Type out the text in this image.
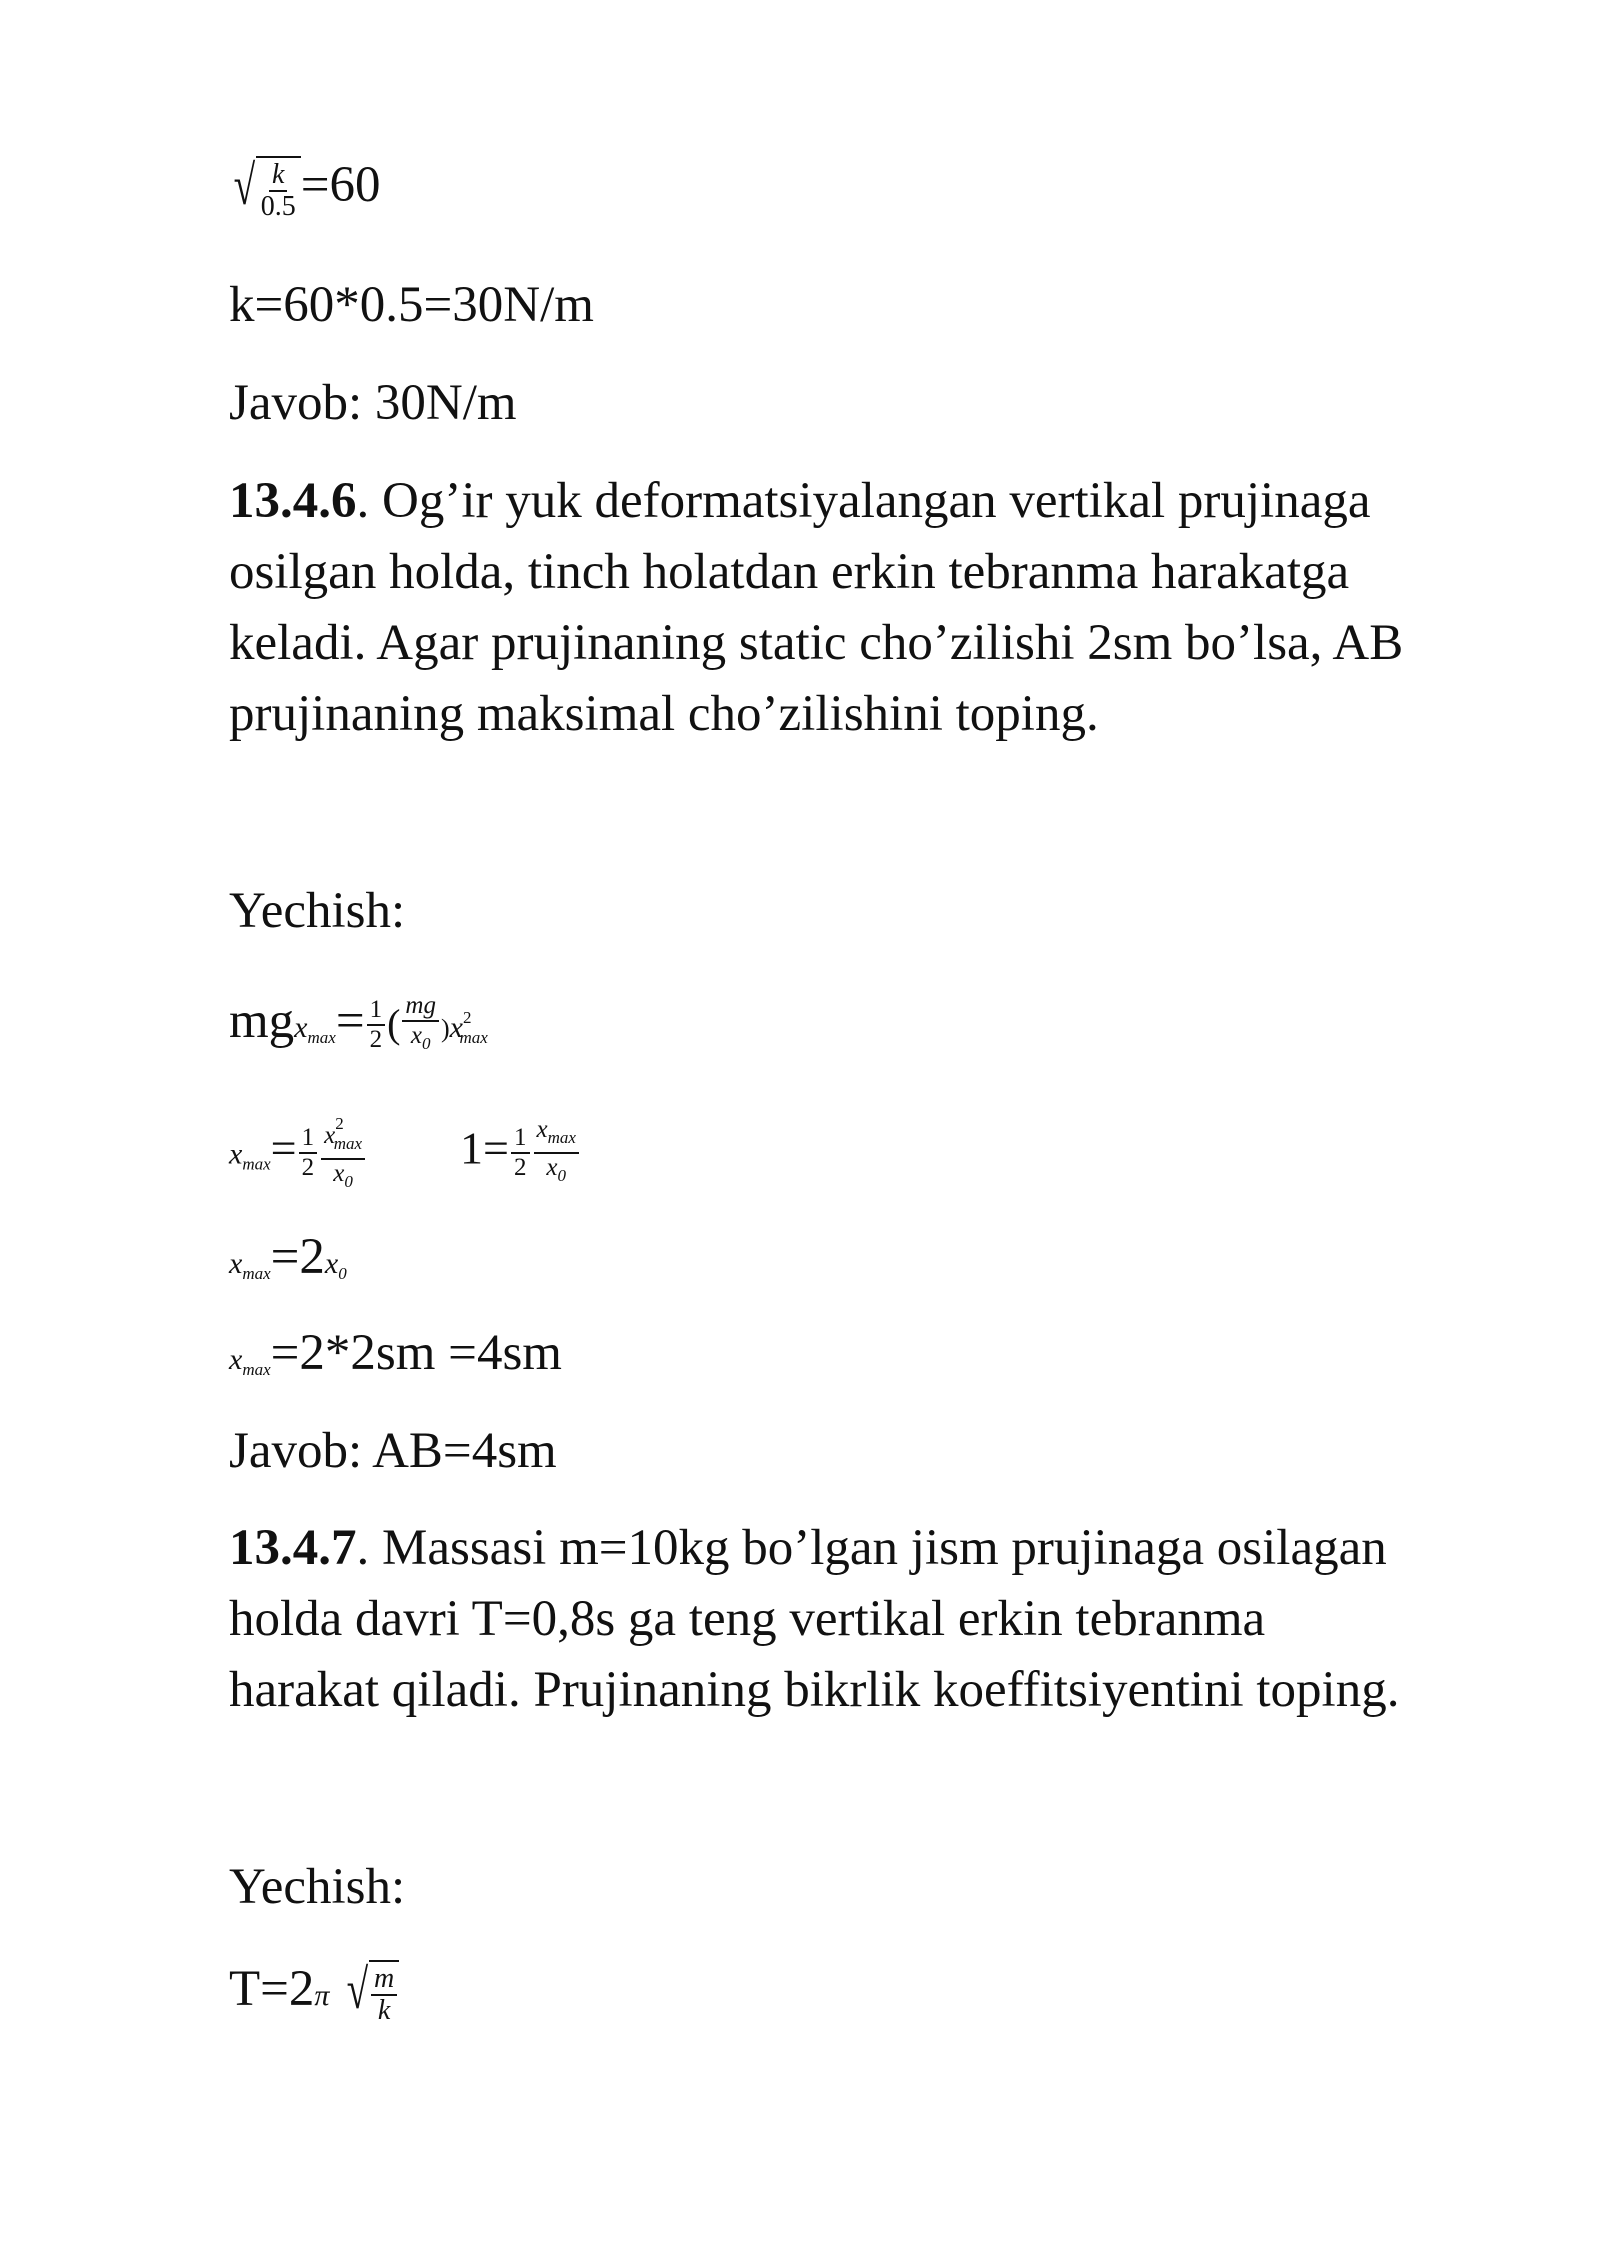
√ $\frac{k}{0.5} =60$
k=60*0.5=30N/m
Javob: 30N/m
13.4.6. Og’ir yuk deformatsiyalangan vertikal prujinaga
osilgan holda, tinch holatdan erkin tebranma harakatga
keladi. Agar prujinaning static cho’zilishi 2sm bo’lsa, AB
prujinaning maksimal cho’zilishini toping.
Yechish:
$mgx_{max}= \frac{1}{2}$ ( $\frac{mg}{x_0} )x^2_{max}$
$x_{max}= \frac{1}{2} x^2_{max}$
$x_0$
$1= \frac{1}{2} x_{max}$
$x_0$
$x_{max}=2x_0$
$x_{max}=2*2sm =4sm$
Javob: AB=4sm
13.4.7. Massasi m=10kg bo’lgan jism prujinaga osilagan
holda davri T=0,8s ga teng vertikal erkin tebranma
harakat qiladi. Prujinaning bikrlik koeffitsiyentini toping.
Yechish:
T=2π √ m
k
